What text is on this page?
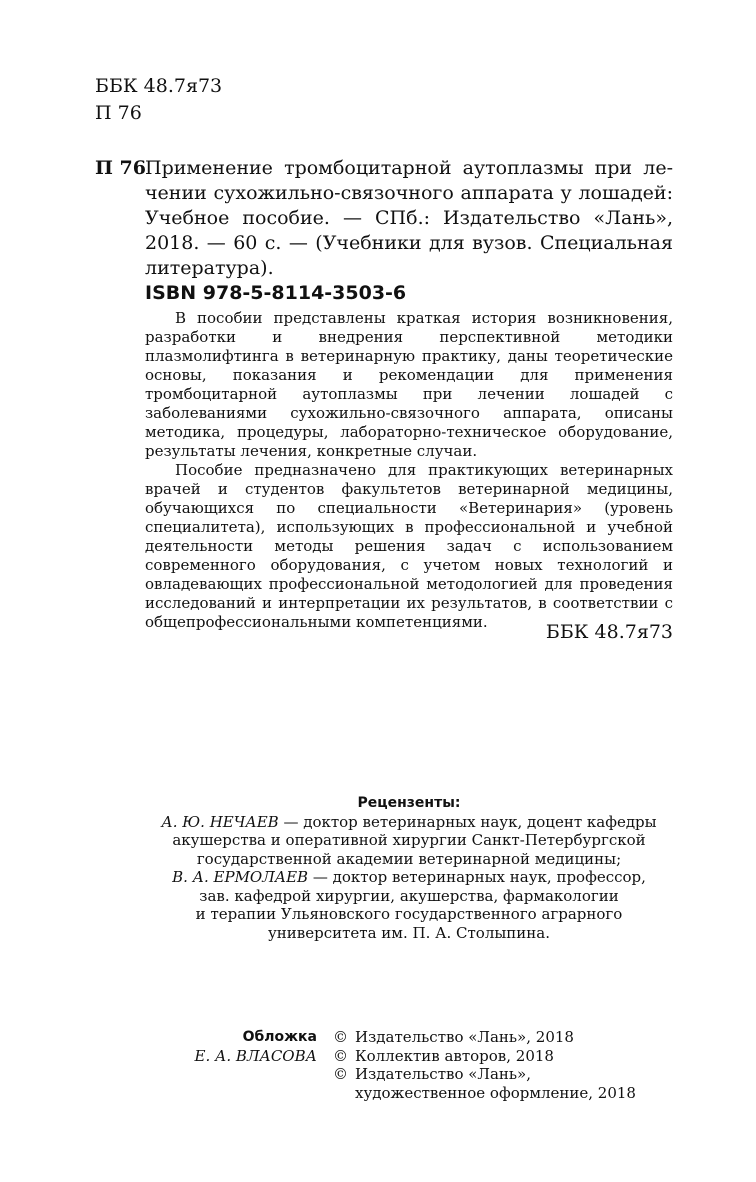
ББК 48.7я73
П 76
П 76 Применение тромбоцитарной аутоплазмы при ле-
чении сухожильно-связочного аппарата у лошадей:
Учебное пособие. — СПб.: Издательство «Лань»,
2018. — 60 с. — (Учебники для вузов. Специальная
литература).
ISBN 978-5-8114-3503-6
В пособии представлены краткая история возникновения,
разработки и внедрения перспективной методики
плазмолифтинга в ветеринарную практику, даны теоретические
основы, показания и рекомендации для применения
тромбоцитарной аутоплазмы при лечении лошадей с
заболеваниями сухожильно-связочного аппарата, описаны
методика, процедуры, лабораторно-техническое оборудование,
результаты лечения, конкретные случаи.
Пособие предназначено для практикующих ветеринарных
врачей и студентов факультетов ветеринарной медицины,
обучающихся по специальности «Ветеринария» (уровень
специалитета), использующих в профессиональной и учебной
деятельности методы решения задач с использованием
современного оборудования, с учетом новых технологий и
овладевающих профессиональной методологией для проведения
исследований и интерпретации их результатов, в соответствии с
общепрофессиональными компетенциями.	ББК 48.7я73
Рецензенты:
А. Ю. НЕЧАЕВ — доктор ветеринарных наук, доцент кафедры
акушерства и оперативной хирургии Санкт-Петербургской
государственной академии ветеринарной медицины;
В. А. ЕРМОЛАЕВ — доктор ветеринарных наук, профессор,
зав. кафедрой хирургии, акушерства, фармакологии
и терапии Ульяновского государственного аграрного
университета им. П. А. Столыпина.
Обложка © Издательство «Лань», 2018
Е. А. ВЛАСОВА © Коллектив авторов, 2018
© Издательство «Лань»,
художественное оформление, 2018
